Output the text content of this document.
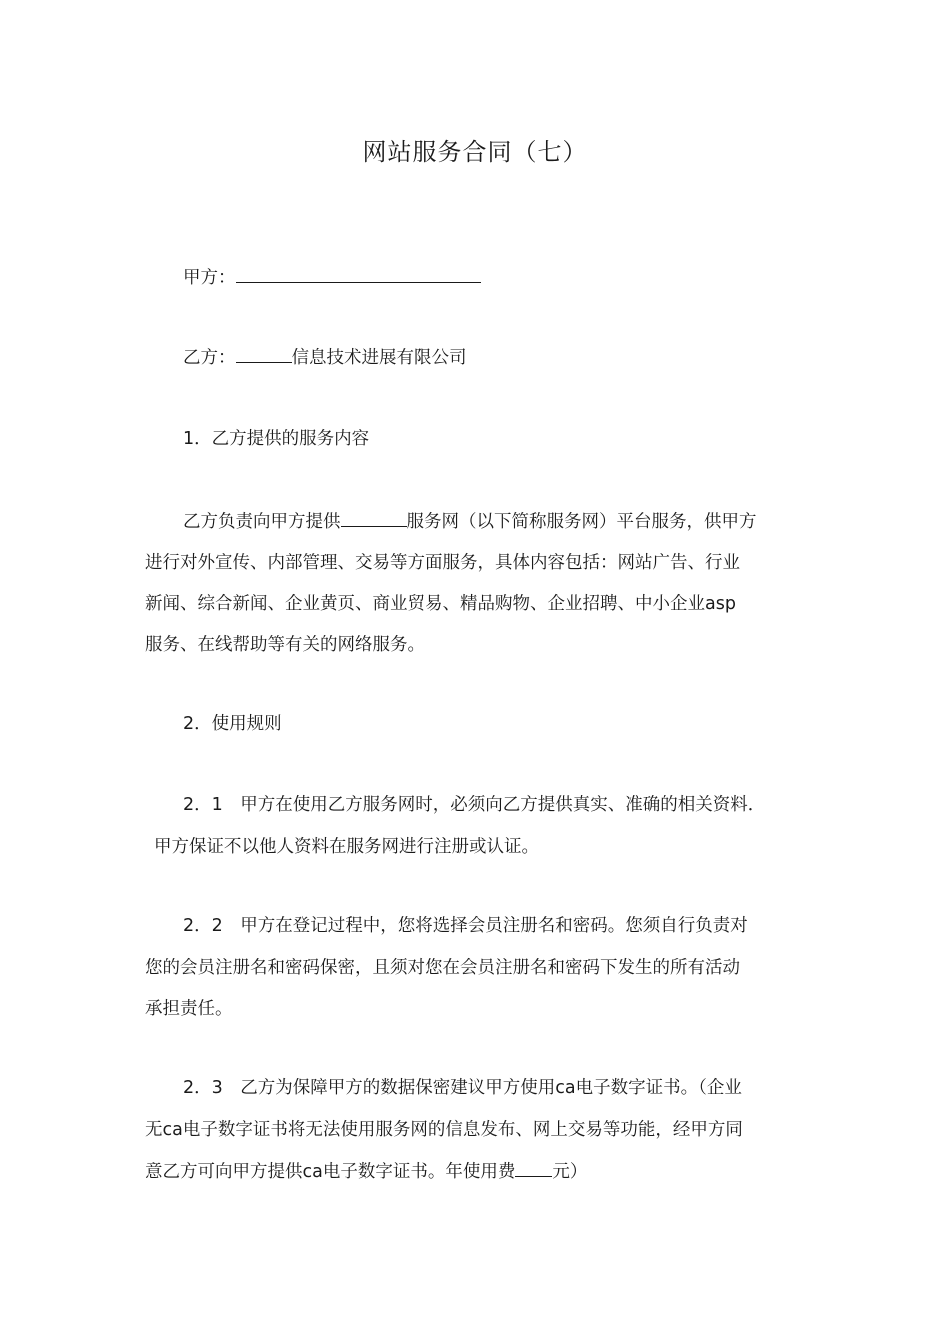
网站服务合同（七）
甲方：
乙方：	信息技术进展有限公司
1．乙方提供的服务内容
乙方负责向甲方提供	服务网（以下简称服务网）平台服务，供甲方
进行对外宣传、内部管理、交易等方面服务，具体内容包括：网站广告、行业
新闻、综合新闻、企业黄页、商业贸易、精品购物、企业招聘、中小企业asp
服务、在线帮助等有关的网络服务。
2．使用规则
2．1　甲方在使用乙方服务网时，必须向乙方提供真实、准确的相关资料．
甲方保证不以他人资料在服务网进行注册或认证。
2．2　甲方在登记过程中，您将选择会员注册名和密码。您须自行负责对
您的会员注册名和密码保密，且须对您在会员注册名和密码下发生的所有活动
承担责任。
2．3　乙方为保障甲方的数据保密建议甲方使用ca电子数字证书。（企业
无ca电子数字证书将无法使用服务网的信息发布、网上交易等功能，经甲方同
意乙方可向甲方提供ca电子数字证书。年使用费 元）
